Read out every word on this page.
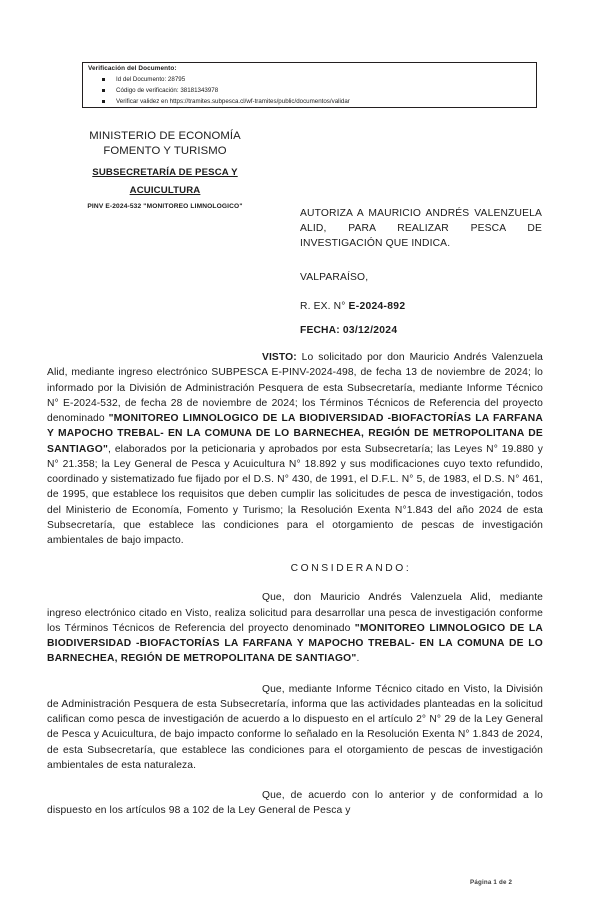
Verificación del Documento:
Id del Documento: 28795
Código de verificación: 38181343978
Verificar validez en https://tramites.subpesca.cl/wf-tramites/public/documentos/validar
MINISTERIO DE ECONOMÍA
FOMENTO Y TURISMO
SUBSECRETARÍA DE PESCA Y
ACUICULTURA
PINV E-2024-532 "MONITOREO LIMNOLOGICO"
AUTORIZA A MAURICIO ANDRÉS VALENZUELA ALID, PARA REALIZAR PESCA DE INVESTIGACIÓN QUE INDICA.
VALPARAÍSO,
R. EX. N° E-2024-892
FECHA: 03/12/2024

VISTO: Lo solicitado por don Mauricio Andrés Valenzuela Alid, mediante ingreso electrónico SUBPESCA E-PINV-2024-498, de fecha 13 de noviembre de 2024; lo informado por la División de Administración Pesquera de esta Subsecretaría, mediante Informe Técnico N° E-2024-532, de fecha 28 de noviembre de 2024; los Términos Técnicos de Referencia del proyecto denominado "MONITOREO LIMNOLOGICO DE LA BIODIVERSIDAD -BIOFACTORÍAS LA FARFANA Y MAPOCHO TREBAL- EN LA COMUNA DE LO BARNECHEA, REGIÓN DE METROPOLITANA DE SANTIAGO", elaborados por la peticionaria y aprobados por esta Subsecretaría; las Leyes N° 19.880 y N° 21.358; la Ley General de Pesca y Acuicultura N° 18.892 y sus modificaciones cuyo texto refundido, coordinado y sistematizado fue fijado por el D.S. N° 430, de 1991, el D.F.L. N° 5, de 1983, el D.S. N° 461, de 1995, que establece los requisitos que deben cumplir las solicitudes de pesca de investigación, todos del Ministerio de Economía, Fomento y Turismo; la Resolución Exenta N°1.843 del año 2024 de esta Subsecretaría, que establece las condiciones para el otorgamiento de pescas de investigación ambientales de bajo impacto.

CONSIDERANDO:

Que, don Mauricio Andrés Valenzuela Alid, mediante ingreso electrónico citado en Visto, realiza solicitud para desarrollar una pesca de investigación conforme los Términos Técnicos de Referencia del proyecto denominado "MONITOREO LIMNOLOGICO DE LA BIODIVERSIDAD -BIOFACTORÍAS LA FARFANA Y MAPOCHO TREBAL- EN LA COMUNA DE LO BARNECHEA, REGIÓN DE METROPOLITANA DE SANTIAGO".

Que, mediante Informe Técnico citado en Visto, la División de Administración Pesquera de esta Subsecretaría, informa que las actividades planteadas en la solicitud califican como pesca de investigación de acuerdo a lo dispuesto en el artículo 2° N° 29 de la Ley General de Pesca y Acuicultura, de bajo impacto conforme lo señalado en la Resolución Exenta N° 1.843 de 2024, de esta Subsecretaría, que establece las condiciones para el otorgamiento de pescas de investigación ambientales de esta naturaleza.

Que, de acuerdo con lo anterior y de conformidad a lo dispuesto en los artículos 98 a 102 de la Ley General de Pesca y

Página 1 de 2
